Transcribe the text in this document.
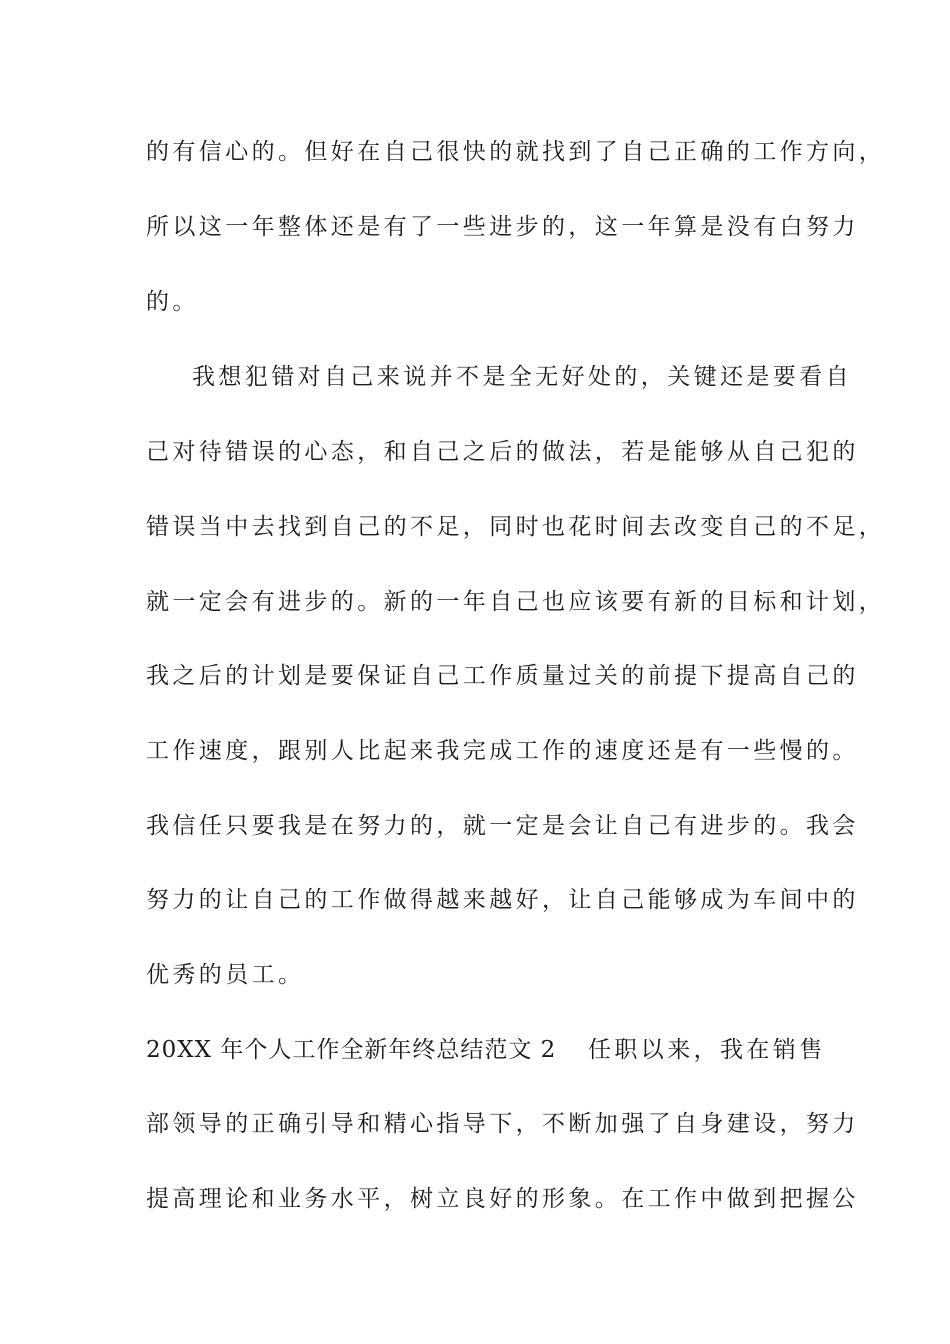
的有信心的。但好在自己很快的就找到了自己正确的工作方向，
所以这一年整体还是有了一些进步的，这一年算是没有白努力
的。
我想犯错对自己来说并不是全无好处的，关键还是要看自
己对待错误的心态，和自己之后的做法，若是能够从自己犯的
错误当中去找到自己的不足，同时也花时间去改变自己的不足，
就一定会有进步的。新的一年自己也应该要有新的目标和计划，
我之后的计划是要保证自己工作质量过关的前提下提高自己的
工作速度，跟别人比起来我完成工作的速度还是有一些慢的。
我信任只要我是在努力的，就一定是会让自己有进步的。我会
努力的让自己的工作做得越来越好，让自己能够成为车间中的
优秀的员工。
20XX 年个人工作全新年终总结范文 2 任职以来，我在销售
部领导的正确引导和精心指导下，不断加强了自身建设，努力
提高理论和业务水平，树立良好的形象。在工作中做到把握公
